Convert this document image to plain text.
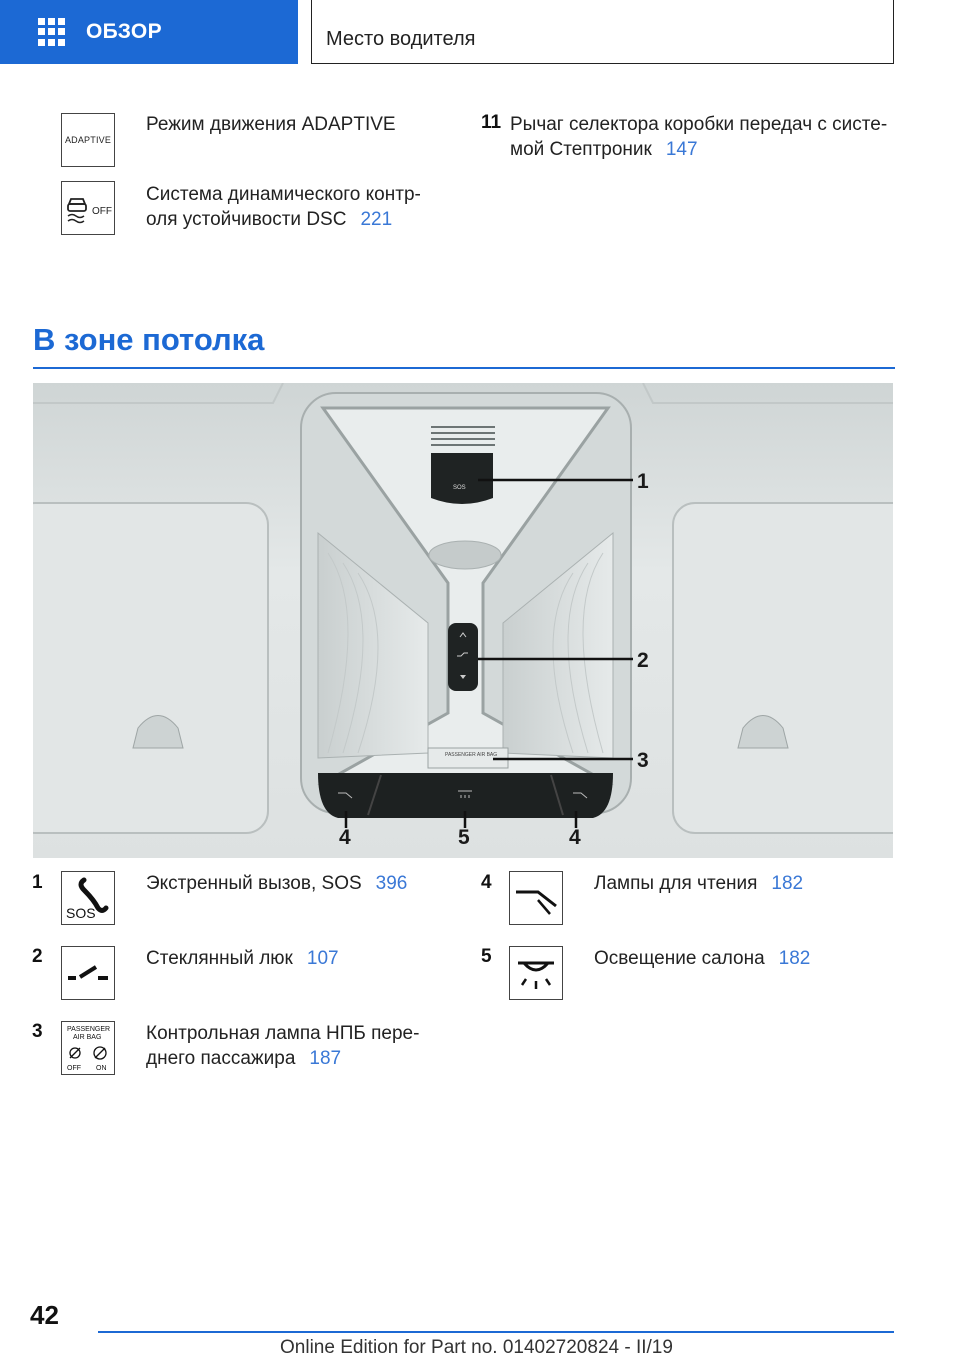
ОБЗОР	Место водителя
ADAPTIVE
Режим движения ADAPTIVE
OFF
Система динамического контр-
оля устойчивости DSC 221
11 Рычаг селектора коробки передач с систе-
мой Стептроник 147
В зоне потолка
SOS
PASSENGER AIR BAG
1
2
3
4	5	4
1
SOS
Экстренный вызов, SOS 396
2	Стеклянный люк 107
3	PASSENGER
AIR BAG
OFF ON
Контрольная лампа НПБ пере-
днего пассажира 187
4	Лампы для чтения 182
5	Освещение салона 182
42
Online Edition for Part no. 01402720824 - II/19
